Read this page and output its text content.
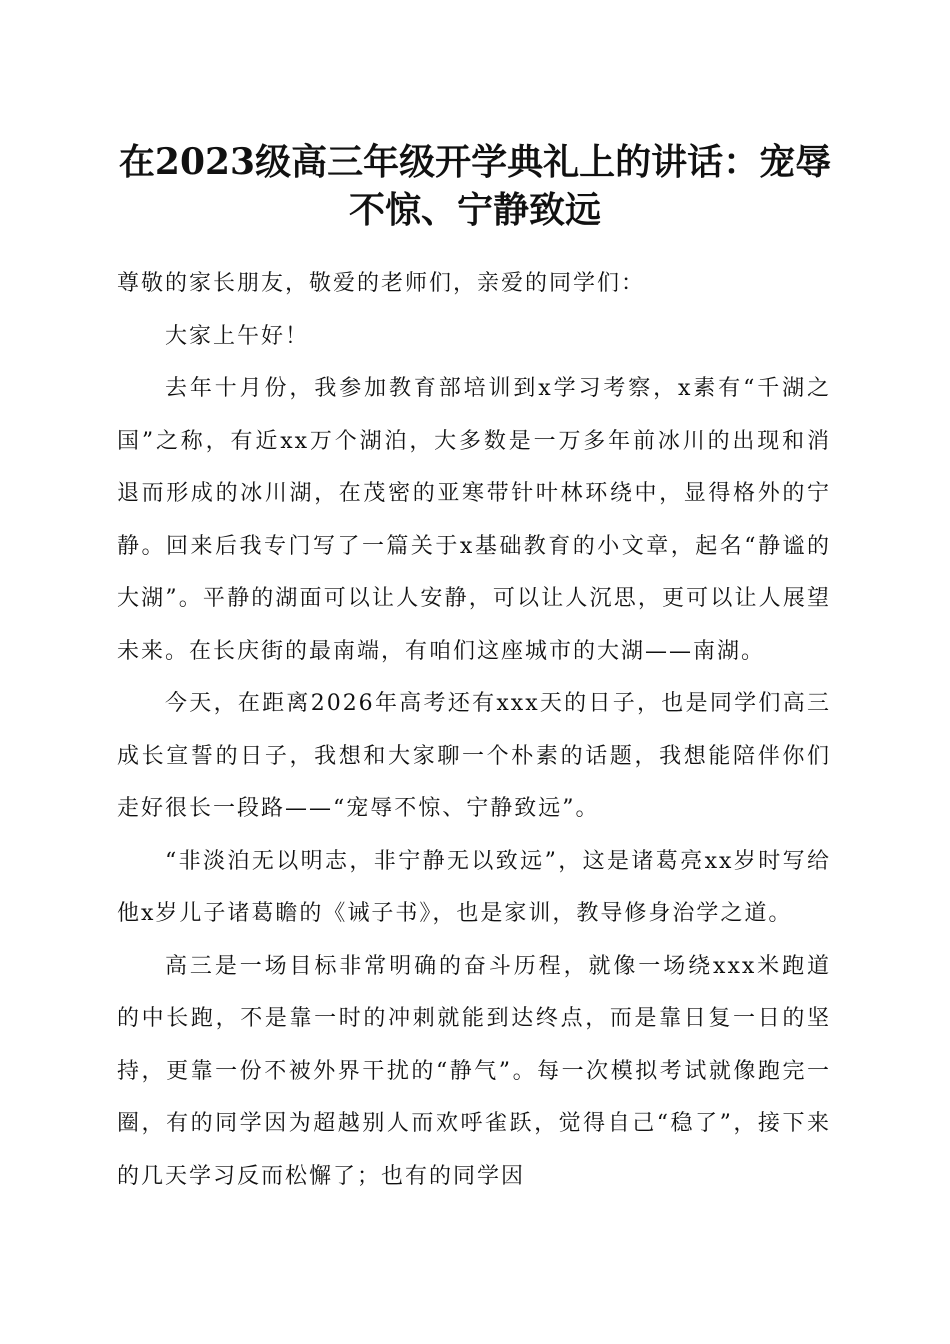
在2023级高三年级开学典礼上的讲话：宠辱
不惊、宁静致远

尊敬的家长朋友，敬爱的老师们，亲爱的同学们：

大家上午好！

去年十月份，我参加教育部培训到x学习考察，x素有“千湖之国”之称，有近xx万个湖泊，大多数是一万多年前冰川的出现和消退而形成的冰川湖，在茂密的亚寒带针叶林环绕中，显得格外的宁静。回来后我专门写了一篇关于x基础教育的小文章，起名“静谧的大湖”。平静的湖面可以让人安静，可以让人沉思，更可以让人展望未来。在长庆街的最南端，有咱们这座城市的大湖——南湖。

今天，在距离2026年高考还有xxx天的日子，也是同学们高三成长宣誓的日子，我想和大家聊一个朴素的话题，我想能陪伴你们走好很长一段路——“宠辱不惊、宁静致远”。

“非淡泊无以明志，非宁静无以致远”，这是诸葛亮xx岁时写给他x岁儿子诸葛瞻的《诫子书》，也是家训，教导修身治学之道。

高三是一场目标非常明确的奋斗历程，就像一场绕xxx米跑道的中长跑，不是靠一时的冲刺就能到达终点，而是靠日复一日的坚持，更靠一份不被外界干扰的“静气”。每一次模拟考试就像跑完一圈，有的同学因为超越别人而欢呼雀跃，觉得自己“稳了”，接下来的几天学习反而松懈了；也有的同学因
